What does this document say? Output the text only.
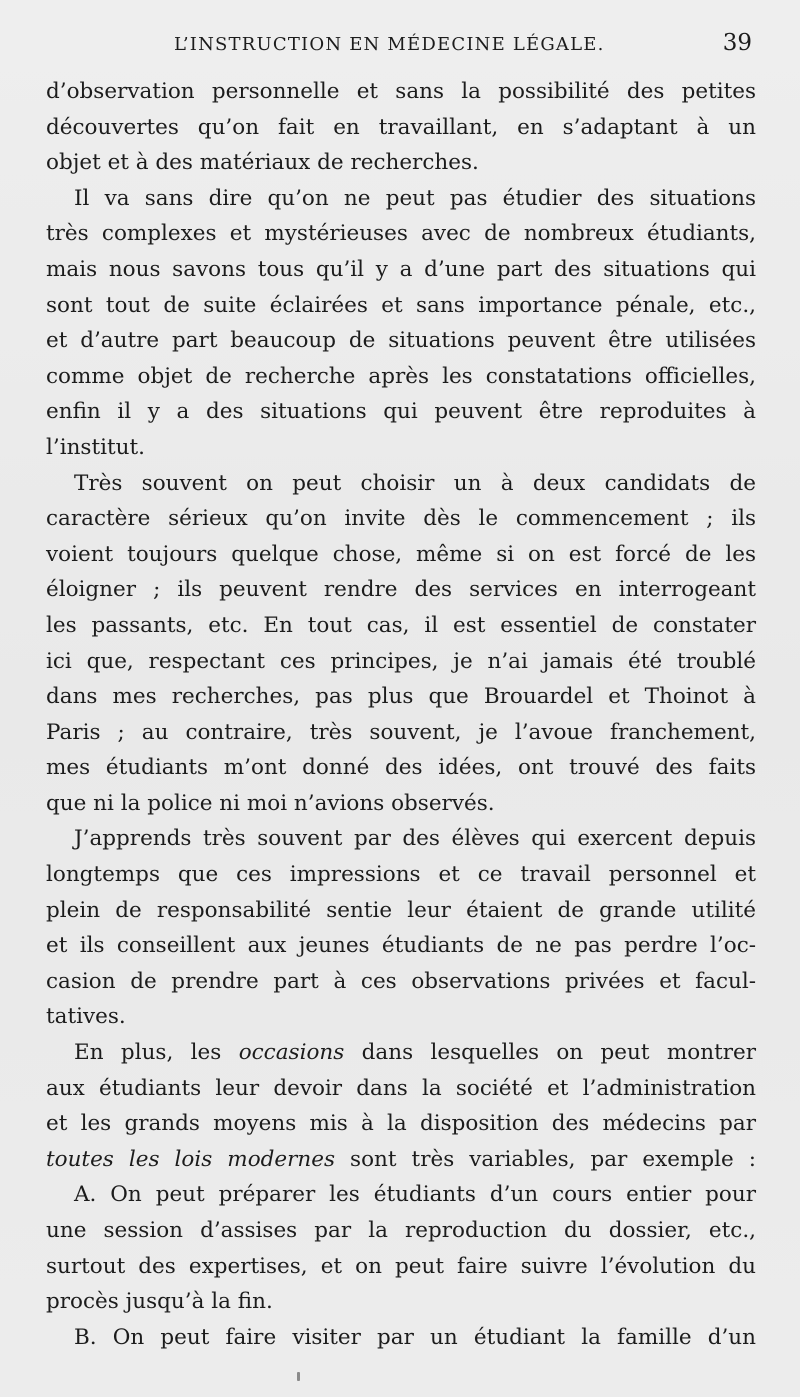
L’INSTRUCTION EN MÉDECINE LÉGALE.	39
d’observation personnelle et sans la possibilité des petites
découvertes qu’on fait en travaillant, en s’adaptant à un
objet et à des matériaux de recherches.
Il va sans dire qu’on ne peut pas étudier des situations
très complexes et mystérieuses avec de nombreux étudiants,
mais nous savons tous qu’il y a d’une part des situations qui
sont tout de suite éclairées et sans importance pénale, etc.,
et d’autre part beaucoup de situations peuvent être utilisées
comme objet de recherche après les constatations officielles,
enfin il y a des situations qui peuvent être reproduites à
l’institut.
Très souvent on peut choisir un à deux candidats de
caractère sérieux qu’on invite dès le commencement ; ils
voient toujours quelque chose, même si on est forcé de les
éloigner ; ils peuvent rendre des services en interrogeant
les passants, etc. En tout cas, il est essentiel de constater
ici que, respectant ces principes, je n’ai jamais été troublé
dans mes recherches, pas plus que Brouardel et Thoinot à
Paris ; au contraire, très souvent, je l’avoue franchement,
mes étudiants m’ont donné des idées, ont trouvé des faits
que ni la police ni moi n’avions observés.
J’apprends très souvent par des élèves qui exercent depuis
longtemps que ces impressions et ce travail personnel et
plein de responsabilité sentie leur étaient de grande utilité
et ils conseillent aux jeunes étudiants de ne pas perdre l’oc-
casion de prendre part à ces observations privées et facul-
tatives.
En plus, les occasions dans lesquelles on peut montrer
aux étudiants leur devoir dans la société et l’administration
et les grands moyens mis à la disposition des médecins par
toutes les lois modernes sont très variables, par exemple :
A. On peut préparer les étudiants d’un cours entier pour
une session d’assises par la reproduction du dossier, etc.,
surtout des expertises, et on peut faire suivre l’évolution du
procès jusqu’à la fin.
B. On peut faire visiter par un étudiant la famille d’un
